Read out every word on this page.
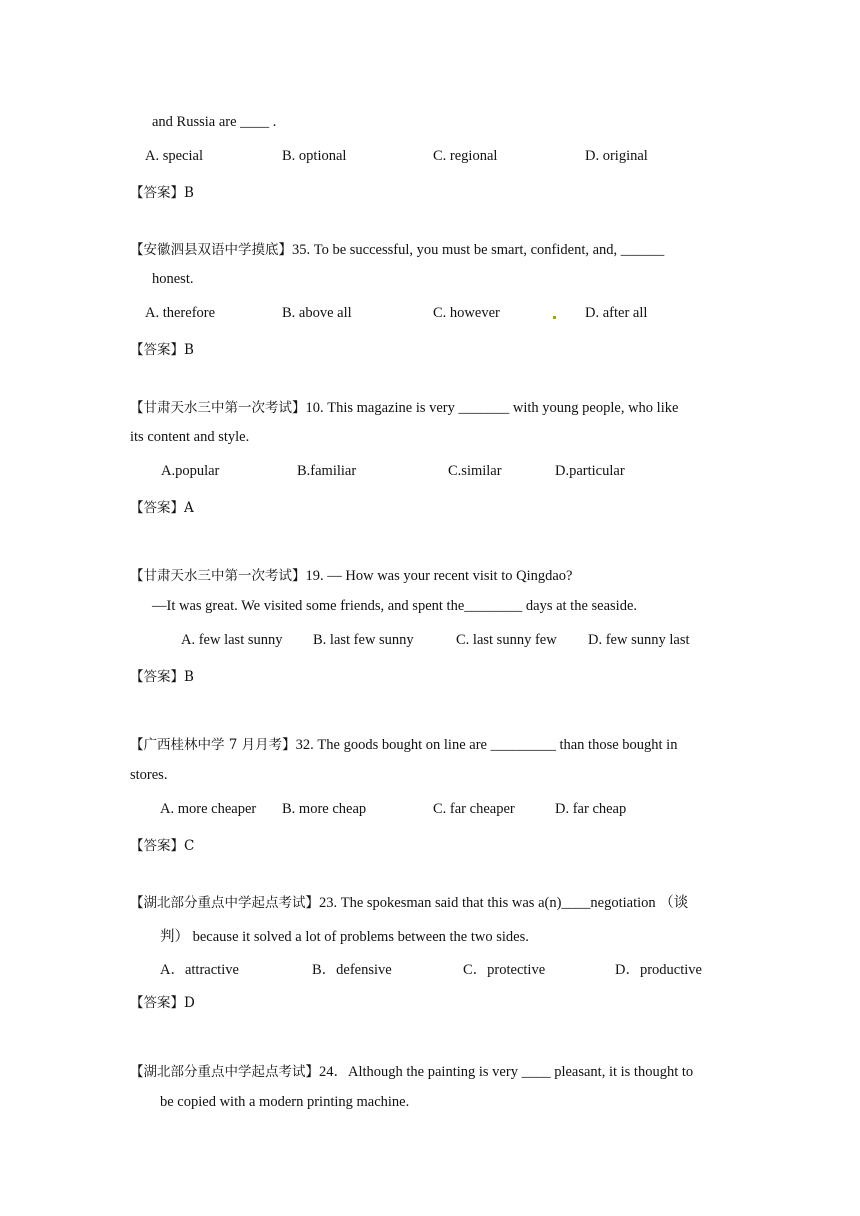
and Russia are ____ .
A. special	B. optional	C. regional	D. original
【答案】B
【安徽泗县双语中学摸底】35. To be successful, you must be smart, confident, and, ______
honest.
A. therefore	B. above all	C. however	D. after all
【答案】B
【甘肃天水三中第一次考试】10. This magazine is very _______ with young people, who like
its content and style.
A.popular	B.familiar	C.similar	D.particular
【答案】A
【甘肃天水三中第一次考试】19. — How was your recent visit to Qingdao?
—It was great. We visited some friends, and spent the________ days at the seaside.
A. few last sunny B. last few sunny	C. last sunny few D. few sunny last
【答案】B
【广西桂林中学 7 月月考】32. The goods bought on line are _________ than those bought in
stores.
A. more cheaper B. more cheap	C. far cheaper	D. far cheap
【答案】C
【湖北部分重点中学起点考试】23. The spokesman said that this was a(n)____negotiation （谈
判） because it solved a lot of problems between the two sides.
A．attractive	B．defensive	C．protective	D．productive
【答案】D
【湖北部分重点中学起点考试】24．Although the painting is very ____ pleasant, it is thought to
be copied with a modern printing machine.
